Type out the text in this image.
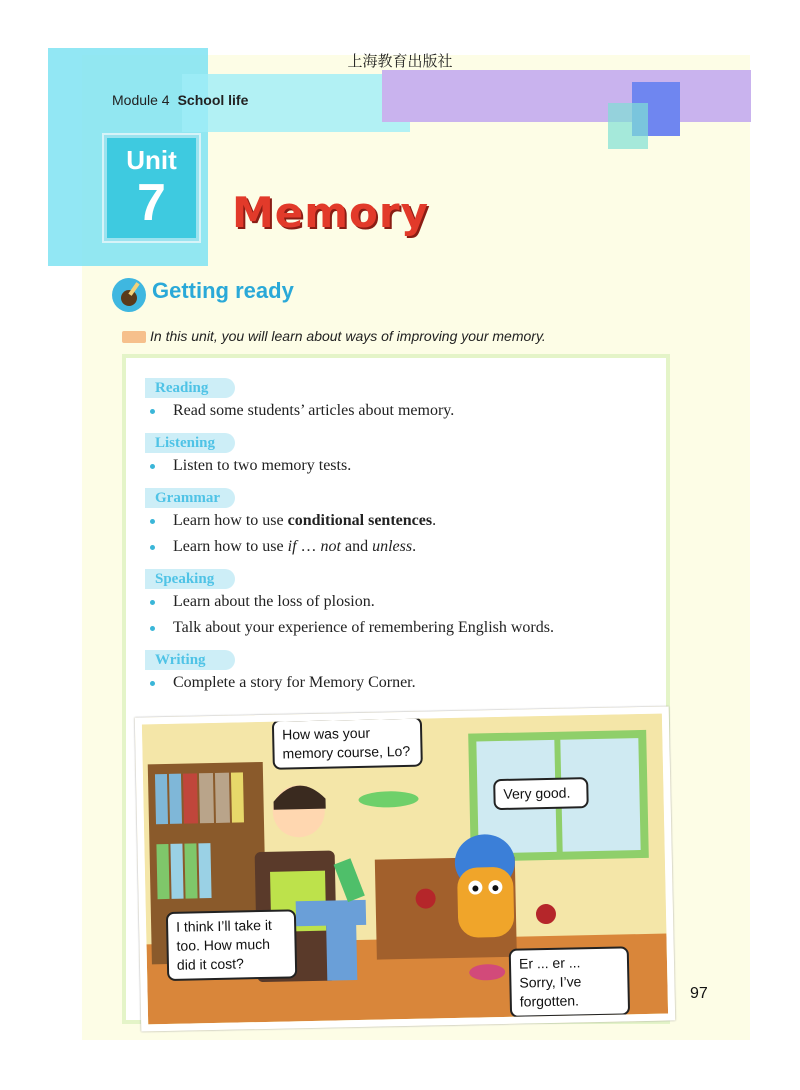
上海教育出版社
Module 4 School life
Unit
7	Memory
Getting ready
In this unit, you will learn about ways of improving your memory.
Reading
Read some students’ articles about memory.
Listening
Listen to two memory tests.
Grammar
Learn how to use conditional sentences.
Learn how to use if … not and unless.
Speaking
Learn about the loss of plosion.
Talk about your experience of remembering English words.
Writing
Complete a story for Memory Corner.
How was your memory course, Lo?
Very good.
I think I’ll take it too. How much did it cost?	Er ... er ... Sorry, I’ve forgotten.	97
